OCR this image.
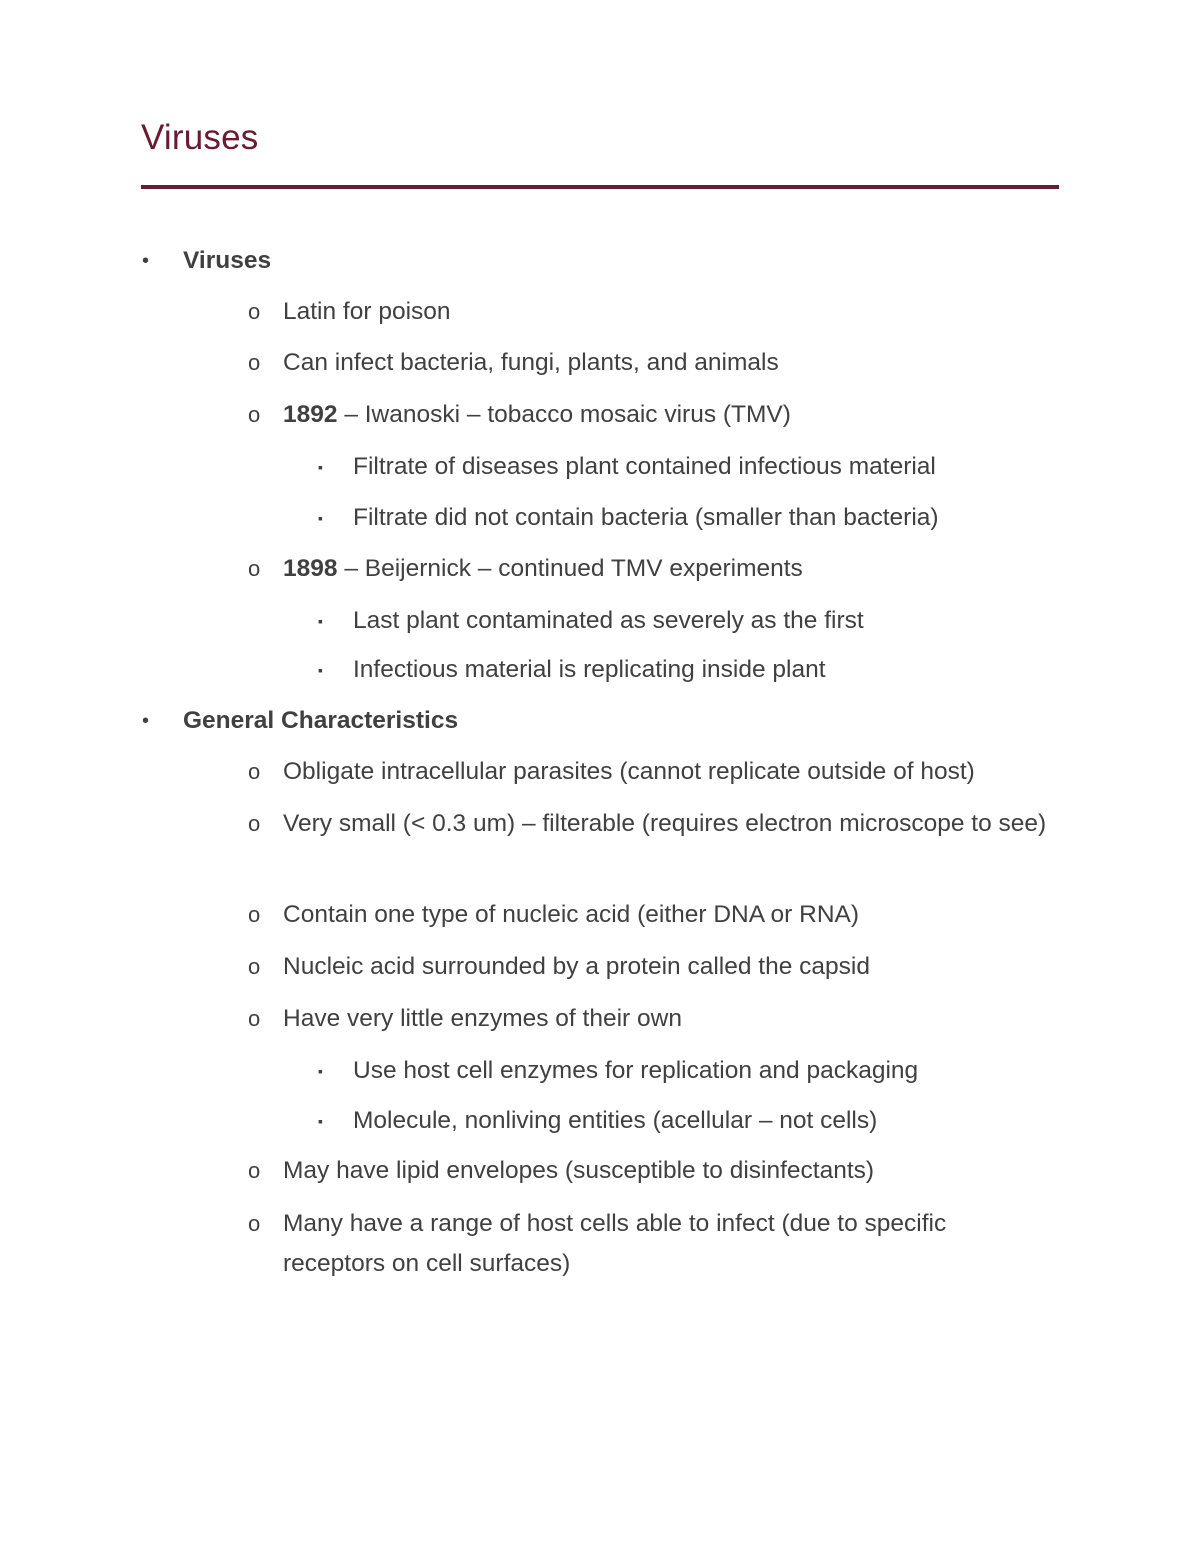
Viruses
• Viruses
o Latin for poison
o Can infect bacteria, fungi, plants, and animals
o 1892 – Iwanoski – tobacco mosaic virus (TMV)
▪ Filtrate of diseases plant contained infectious material
▪ Filtrate did not contain bacteria (smaller than bacteria)
o 1898 – Beijernick – continued TMV experiments
▪ Last plant contaminated as severely as the first
▪ Infectious material is replicating inside plant
• General Characteristics
o Obligate intracellular parasites (cannot replicate outside of host)
o Very small (< 0.3 um) – filterable (requires electron microscope to see)
o Contain one type of nucleic acid (either DNA or RNA)
o Nucleic acid surrounded by a protein called the capsid
o Have very little enzymes of their own
▪ Use host cell enzymes for replication and packaging
▪ Molecule, nonliving entities (acellular – not cells)
o May have lipid envelopes (susceptible to disinfectants)
o Many have a range of host cells able to infect (due to specific receptors on cell surfaces)
